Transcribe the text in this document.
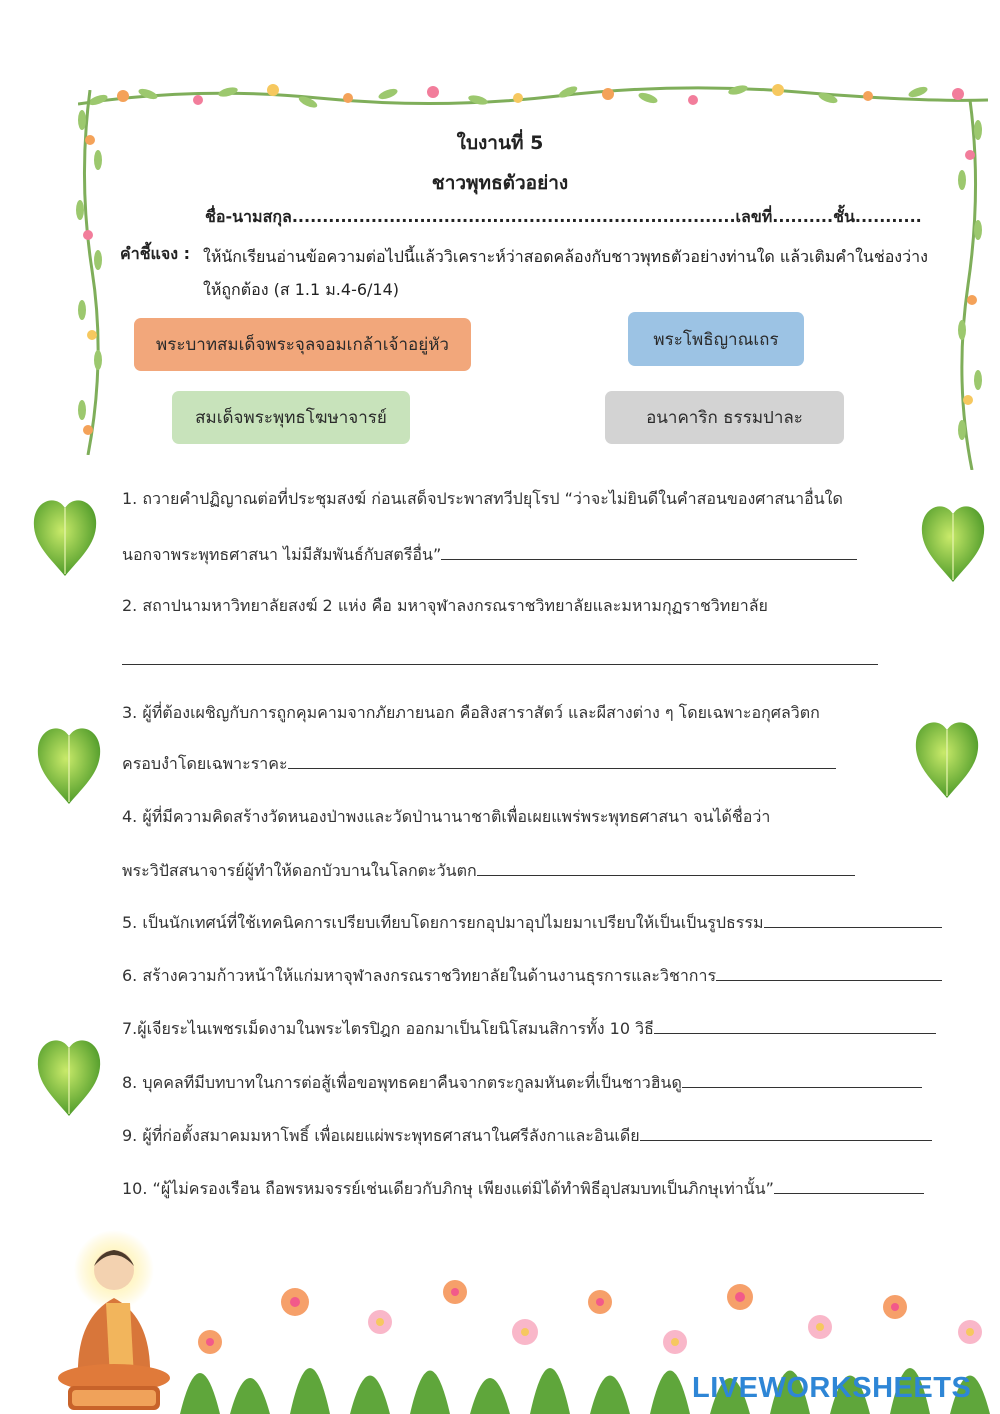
ใบงานที่ 5
ชาวพุทธตัวอย่าง
ชื่อ-นามสกุล.........................................................................เลขที่..........ชั้น...........
คำชี้แจง : ให้นักเรียนอ่านข้อความต่อไปนี้แล้ววิเคราะห์ว่าสอดคล้องกับชาวพุทธตัวอย่างท่านใด แล้วเติมคำในช่องว่างให้ถูกต้อง (ส 1.1 ม.4-6/14)
พระบาทสมเด็จพระจุลจอมเกล้าเจ้าอยู่หัว	พระโพธิญาณเถร
สมเด็จพระพุทธโฆษาจารย์	อนาคาริก ธรรมปาละ
1. ถวายคำปฏิญาณต่อที่ประชุมสงฆ์ ก่อนเสด็จประพาสทวีปยุโรป “ว่าจะไม่ยินดีในคำสอนของศาสนาอื่นใด
นอกจาพระพุทธศาสนา ไม่มีสัมพันธ์กับสตรีอื่น”
2. สถาปนามหาวิทยาลัยสงฆ์ 2 แห่ง คือ มหาจุฬาลงกรณราชวิทยาลัยและมหามกุฏราชวิทยาลัย
3. ผู้ที่ต้องเผชิญกับการถูกคุมคามจากภัยภายนอก คือสิงสาราสัตว์ และผีสางต่าง ๆ โดยเฉพาะอกุศลวิตก
ครอบงำโดยเฉพาะราคะ
4. ผู้ที่มีความคิดสร้างวัดหนองป่าพงและวัดป่านานาชาติเพื่อเผยแพร่พระพุทธศาสนา จนได้ชื่อว่า
พระวิปัสสนาจารย์ผู้ทำให้ดอกบัวบานในโลกตะวันตก
5. เป็นนักเทศน์ที่ใช้เทคนิคการเปรียบเทียบโดยการยกอุปมาอุปไมยมาเปรียบให้เป็นเป็นรูปธรรม
6. สร้างความก้าวหน้าให้แก่มหาจุฬาลงกรณราชวิทยาลัยในด้านงานธุรการและวิชาการ
7.ผู้เจียระไนเพชรเม็ดงามในพระไตรปิฎก ออกมาเป็นโยนิโสมนสิการทั้ง 10 วิธี
8. บุคคลทีมีบทบาทในการต่อสู้เพื่อขอพุทธคยาคืนจากตระกูลมหันตะที่เป็นชาวฮินดู
9. ผู้ที่ก่อตั้งสมาคมมหาโพธิ์ เพื่อเผยแผ่พระพุทธศาสนาในศรีลังกาและอินเดีย
10. “ผู้ไม่ครองเรือน ถือพรหมจรรย์เช่นเดียวกับภิกษุ เพียงแต่มิได้ทำพิธีอุปสมบทเป็นภิกษุเท่านั้น”
LIVEWORKSHEETS
